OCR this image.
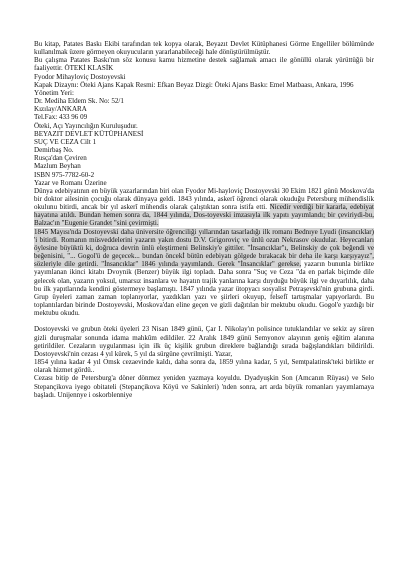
Bu kitap, Patates Baskı Ekibi tarafından tek kopya olarak, Beyazıt Devlet Kütüphanesi Görme Engelliler bölümünde kullanılmak üzere görmeyen okuyucuların yararlanabileceği hale dönüştürülmüştür.

Bu çalışma Patates Baskı'nın söz konusu kamu hizmetine destek sağlamak amacı ile gönüllü olarak yürüttüğü bir faaliyettir. ÖTEKİ KLASİK

Fyodor Mihayloviç Dostoyevski

Kapak Dizaynı: Öteki Ajans Kapak Resmi: Efkan Beyaz Dizgi: Öteki Ajans Baskı: Emel Matbaası, Ankara, 1996

Yönetim Yeri:
Dr. Mediha Eldem Sk. No: 52/1
Kızılay/ANKARA
Tel.Fax: 433 96 09
Öteki, Açı Yayıncılığın Kuruluşudur.
BEYAZIT DEVLET KÜTÜPHANESİ
SUÇ VE CEZA Cilt 1
Demirbaş No.
Rusça'dan Çeviren
Mazlum Beyhan
ISBN 975-7782-60-2
Yazar ve Romanı Üzerine

Dünya edebiyatının en büyük yazarlarından biri olan Fyodor Mi-hayloviç Dostoyevski 30 Ekim 1821 günü Moskova'da bir doktor ailesinin çocuğu olarak dünyaya geldi. 1843 yılında, askerî öğrenci olarak okuduğu Petersburg mühendislik okulunu bitirdi, ancak bir yıl askerî mühendis olarak çalıştıktan sonra istifa etti. Nicedir verdiği bir kararla, edebiyat hayatına atıldı. Bundan hemen sonra da, 1844 yılında, Dos-toyevski imzasıyla ilk yapıtı yayımlandı; bir çeviriydi-bu, Balzac'ın "Eugenie Grandet "sini çevirmişti.

1845 Mayısı'nda Dostoyevski daha üniversite öğrenciliği yıllarından tasarladığı ilk romanı Bednıye Lyudi (insancıklar) 'i bitirdi. Romanın müsveddelerini yazarın yakın dostu D.V. Grigoroviç ve ünlü ozan Nekrasov okudular. Heyecanları öylesine büyüktü ki, doğruca devrin ünlü eleştirmeni Belinskiy'e gittiler. "İnsancıklar"ı, Belinskiy de çok beğendi ve beğenisini, "... Gogol'ü de geçecek... bundan öncekİ bütün edebiyatı gölgede bırakacak bir deha ile karşı karşıyayız", sözleriyle dile getirdi. "İnsancıklar" 1846 yılında yayımlandı. Gerek "İnsancıklar" gerekse, yazarın bununla birlikte yayımlanan ikinci kitabı Dvoynik (Benzer) büyük ilgi topladı. Daha sonra "Suç ve Ceza "da en parlak biçimde dile gelecek olan, yazarın yoksul, umarsız insanlara ve hayatın trajik yanlarına karşı duyduğu büyük ilgi ve duyarlılık, daha bu ilk yapıtlarında kendini göstermeye başlamıştı. 1847 yılında yazar ütopyacı sosyalist Petraşevski'nin grubuna girdi. Grup üyeleri zaman zaman toplanıyorlar, yazdıkları yazı ve şiirleri okuyup, felsefî tartışmalar yapıyorlardı. Bu toplantılardan birinde Dostoyevski, Moskova'dan eline geçen ve gizli dağıtılan bir mektubu okudu. Gogol'e yazdığı bir mektubu okudu.

Dostoyevski ve grubun öteki üyeleri 23 Nisan 1849 günü, Çar I. Nikolay'ın polisince tutuklandılar ve sekiz ay süren gizli duruşmalar sonunda idama mahkûm edildiler. 22 Aralık 1849 günü Semyonov alayının geniş eğitim alanına getirildiler. Cezaların uygulanması için ilk üç kişilik grubun direklere bağlandığı sırada bağışlandıkları bildirildi. Dostoyevski'nin cezası 4 yıl kürek, 5 yıl da sürgüne çevrilmişti. Yazar,

1854 yılına kadar 4 yıl Omsk cezaevinde kaldı, daha sonra da, 1859 yılına kadar, 5 yıl, Semtpalatinsk'teki birlikte er olarak hizmet gördü..

Cezası bitip de Petersburg'a döner dönmez yeniden yazmaya koyuldu. Dyadyuşkin Son (Amcanın Rüyası) ve Selo Stepançikova iyego obitateli (Stepançikova Köyü ve Sakinleri) 'nden sonra, art arda büyük romanları yayımlamaya başladı. Unijennye i oskorblenniye
